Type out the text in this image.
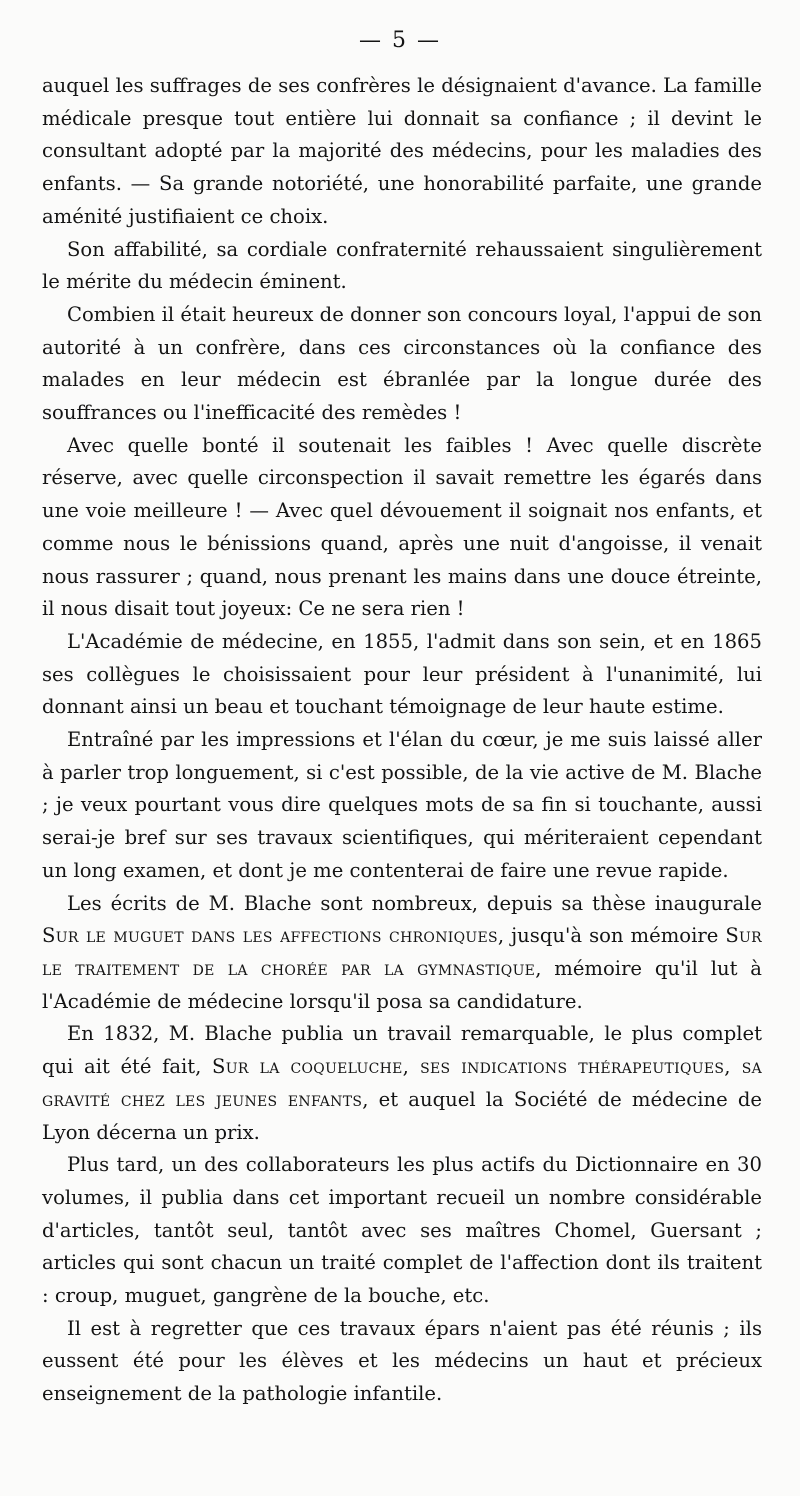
— 5 —

auquel les suffrages de ses confrères le désignaient d'avance. La famille médicale presque tout entière lui donnait sa confiance ; il devint le consultant adopté par la majorité des médecins, pour les maladies des enfants. — Sa grande notoriété, une honorabilité parfaite, une grande aménité justifiaient ce choix.

Son affabilité, sa cordiale confraternité rehaussaient singulièrement le mérite du médecin éminent.

Combien il était heureux de donner son concours loyal, l'appui de son autorité à un confrère, dans ces circonstances où la confiance des malades en leur médecin est ébranlée par la longue durée des souffrances ou l'inefficacité des remèdes !

Avec quelle bonté il soutenait les faibles ! Avec quelle discrète réserve, avec quelle circonspection il savait remettre les égarés dans une voie meilleure ! — Avec quel dévouement il soignait nos enfants, et comme nous le bénissions quand, après une nuit d'angoisse, il venait nous rassurer ; quand, nous prenant les mains dans une douce étreinte, il nous disait tout joyeux: Ce ne sera rien !

L'Académie de médecine, en 1855, l'admit dans son sein, et en 1865 ses collègues le choisissaient pour leur président à l'unanimité, lui donnant ainsi un beau et touchant témoignage de leur haute estime.

Entraîné par les impressions et l'élan du cœur, je me suis laissé aller à parler trop longuement, si c'est possible, de la vie active de M. Blache ; je veux pourtant vous dire quelques mots de sa fin si touchante, aussi serai-je bref sur ses travaux scientifiques, qui mériteraient cependant un long examen, et dont je me contenterai de faire une revue rapide.

Les écrits de M. Blache sont nombreux, depuis sa thèse inaugurale Sur le muguet dans les affections chroniques, jusqu'à son mémoire Sur le traitement de la chorée par la gymnastique, mémoire qu'il lut à l'Académie de médecine lorsqu'il posa sa candidature.

En 1832, M. Blache publia un travail remarquable, le plus complet qui ait été fait, Sur la coqueluche, ses indications thérapeutiques, sa gravité chez les jeunes enfants, et auquel la Société de médecine de Lyon décerna un prix.

Plus tard, un des collaborateurs les plus actifs du Dictionnaire en 30 volumes, il publia dans cet important recueil un nombre considérable d'articles, tantôt seul, tantôt avec ses maîtres Chomel, Guersant ; articles qui sont chacun un traité complet de l'affection dont ils traitent : croup, muguet, gangrène de la bouche, etc.

Il est à regretter que ces travaux épars n'aient pas été réunis ; ils eussent été pour les élèves et les médecins un haut et précieux enseignement de la pathologie infantile.
